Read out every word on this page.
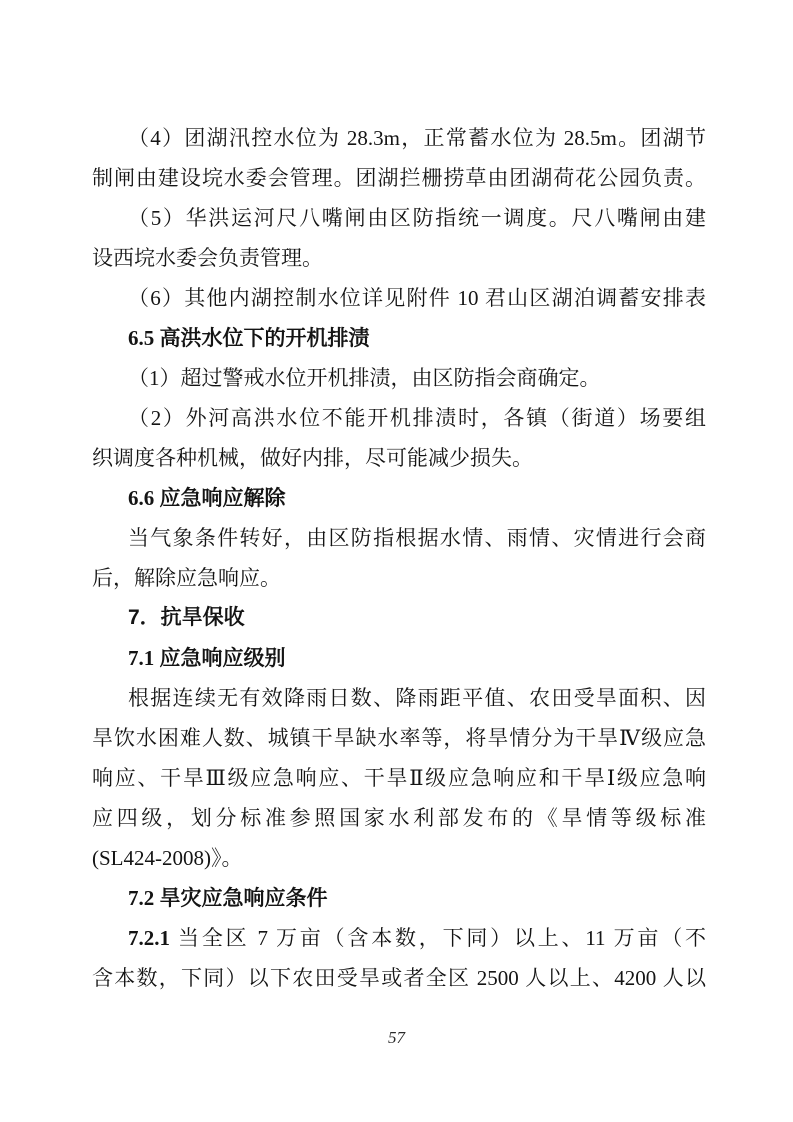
（4）团湖汛控水位为 28.3m，正常蓄水位为 28.5m。团湖节

制闸由建设垸水委会管理。团湖拦栅捞草由团湖荷花公园负责。

（5）华洪运河尺八嘴闸由区防指统一调度。尺八嘴闸由建

设西垸水委会负责管理。

（6）其他内湖控制水位详见附件 10 君山区湖泊调蓄安排表

6.5 高洪水位下的开机排渍

（1）超过警戒水位开机排渍，由区防指会商确定。

（2）外河高洪水位不能开机排渍时，各镇（街道）场要组

织调度各种机械，做好内排，尽可能减少损失。

6.6 应急响应解除

当气象条件转好，由区防指根据水情、雨情、灾情进行会商

后，解除应急响应。

7．抗旱保收

7.1 应急响应级别

根据连续无有效降雨日数、降雨距平值、农田受旱面积、因

旱饮水困难人数、城镇干旱缺水率等，将旱情分为干旱Ⅳ级应急

响应、干旱Ⅲ级应急响应、干旱Ⅱ级应急响应和干旱Ⅰ级应急响

应四级，划分标准参照国家水利部发布的《旱情等级标准

(SL424-2008)》。

7.2 旱灾应急响应条件

7.2.1 当全区 7 万亩（含本数，下同）以上、11 万亩（不

含本数，下同）以下农田受旱或者全区 2500 人以上、4200 人以

57
